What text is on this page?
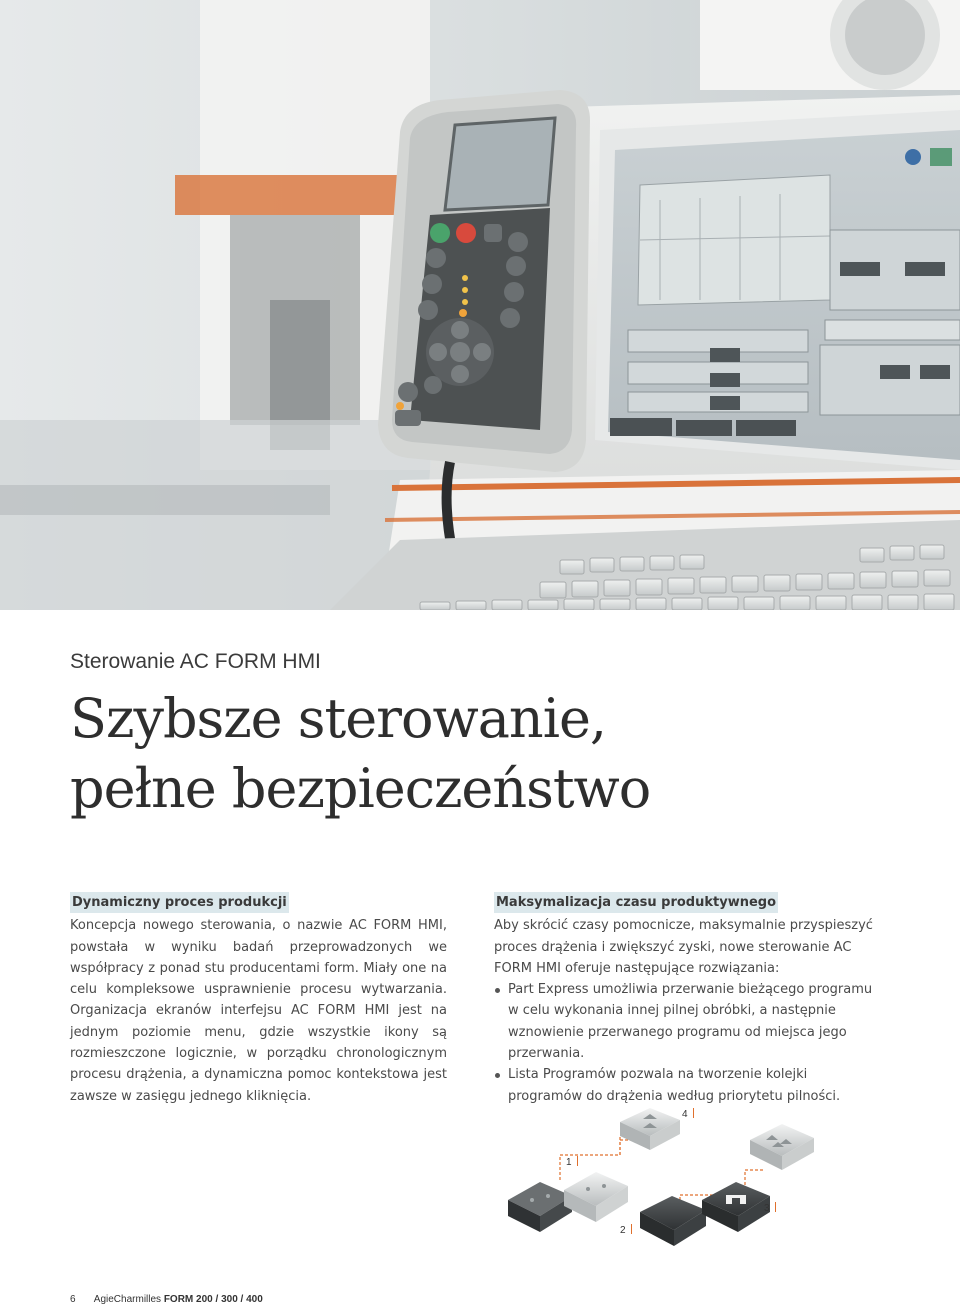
Sterowanie AC FORM HMI
Szybsze sterowanie,
pełne bezpieczeństwo
Dynamiczny proces produkcji

Koncepcja nowego sterowania, o nazwie AC FORM HMI, powstała w wyniku badań przeprowadzonych we współpracy z ponad stu producentami form. Miały one na celu kompleksowe usprawnienie procesu wytwarzania. Organizacja ekranów interfejsu AC FORM HMI jest na jednym poziomie menu, gdzie wszystkie ikony są rozmieszczone logicznie, w porządku chronologicznym procesu drążenia, a dynamiczna pomoc kontekstowa jest zawsze w zasięgu jednego kliknięcia.

Maksymalizacja czasu produktywnego

Aby skrócić czasy pomocnicze, maksymalnie przyspieszyć proces drążenia i zwiększyć zyski, nowe sterowanie AC FORM HMI oferuje następujące rozwiązania:

Part Express umożliwia przerwanie bieżącego programu w celu wykonania innej pilnej obróbki, a następnie wznowienie przerwanego programu od miejsca jego przerwania.
Lista Programów pozwala na tworzenie kolejki programów do drążenia według priorytetu pilności.
4
1
3
2
6 AgieCharmilles FORM 200 / 300 / 400
